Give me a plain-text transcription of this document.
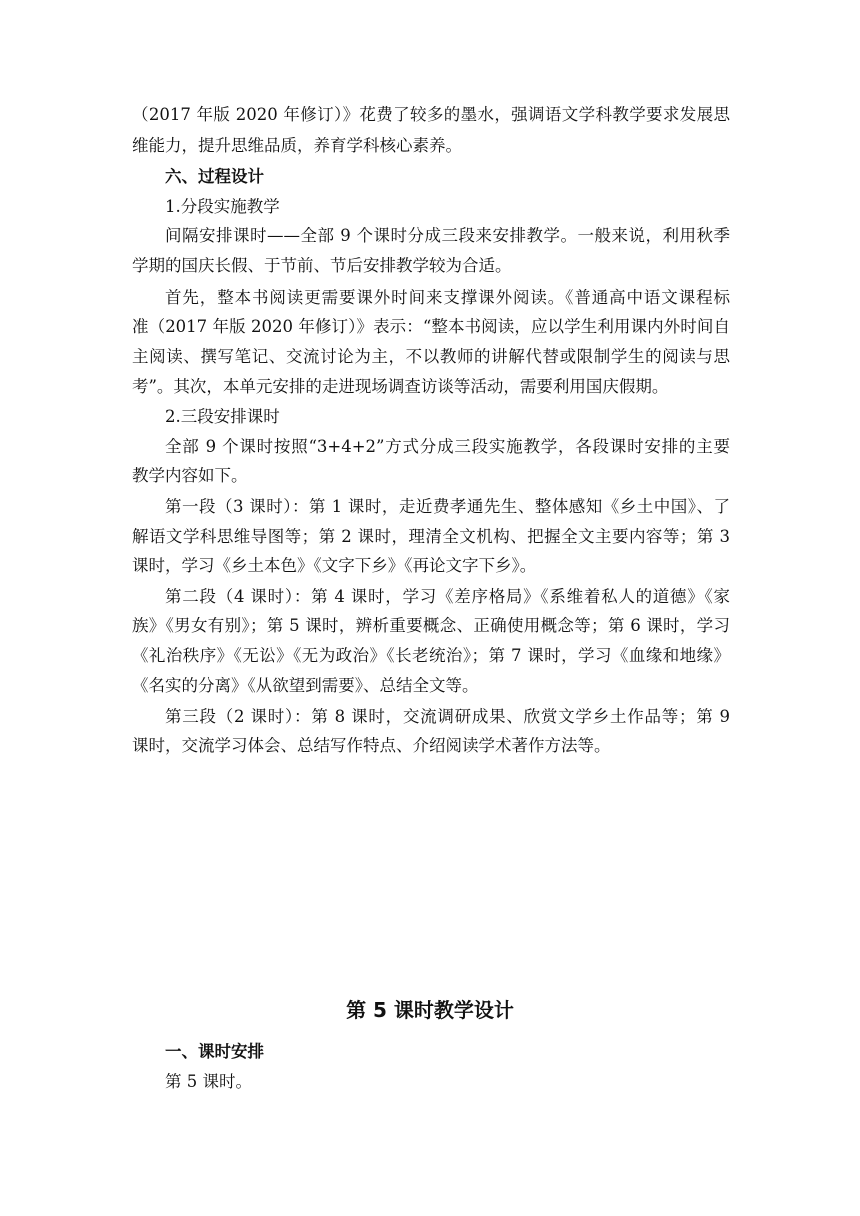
（2017 年版 2020 年修订）》花费了较多的墨水，强调语文学科教学要求发展思
维能力，提升思维品质，养育学科核心素养。
六、过程设计
1.分段实施教学
间隔安排课时——全部 9 个课时分成三段来安排教学。一般来说，利用秋季
学期的国庆长假、于节前、节后安排教学较为合适。
首先，整本书阅读更需要课外时间来支撑课外阅读。《普通高中语文课程标
准（2017 年版 2020 年修订）》表示：“整本书阅读，应以学生利用课内外时间自
主阅读、撰写笔记、交流讨论为主，不以教师的讲解代替或限制学生的阅读与思
考”。其次，本单元安排的走进现场调查访谈等活动，需要利用国庆假期。
2.三段安排课时
全部 9 个课时按照“3+4+2”方式分成三段实施教学，各段课时安排的主要
教学内容如下。
第一段（3 课时）：第 1 课时，走近费孝通先生、整体感知《乡土中国》、了
解语文学科思维导图等；第 2 课时，理清全文机构、把握全文主要内容等；第 3
课时，学习《乡土本色》《文字下乡》《再论文字下乡》。
第二段（4 课时）：第 4 课时，学习《差序格局》《系维着私人的道德》《家
族》《男女有别》；第 5 课时，辨析重要概念、正确使用概念等；第 6 课时，学习
《礼治秩序》《无讼》《无为政治》《长老统治》；第 7 课时，学习《血缘和地缘》
《名实的分离》《从欲望到需要》、总结全文等。
第三段（2 课时）：第 8 课时，交流调研成果、欣赏文学乡土作品等；第 9
课时，交流学习体会、总结写作特点、介绍阅读学术著作方法等。
第 5 课时教学设计
一、课时安排
第 5 课时。
